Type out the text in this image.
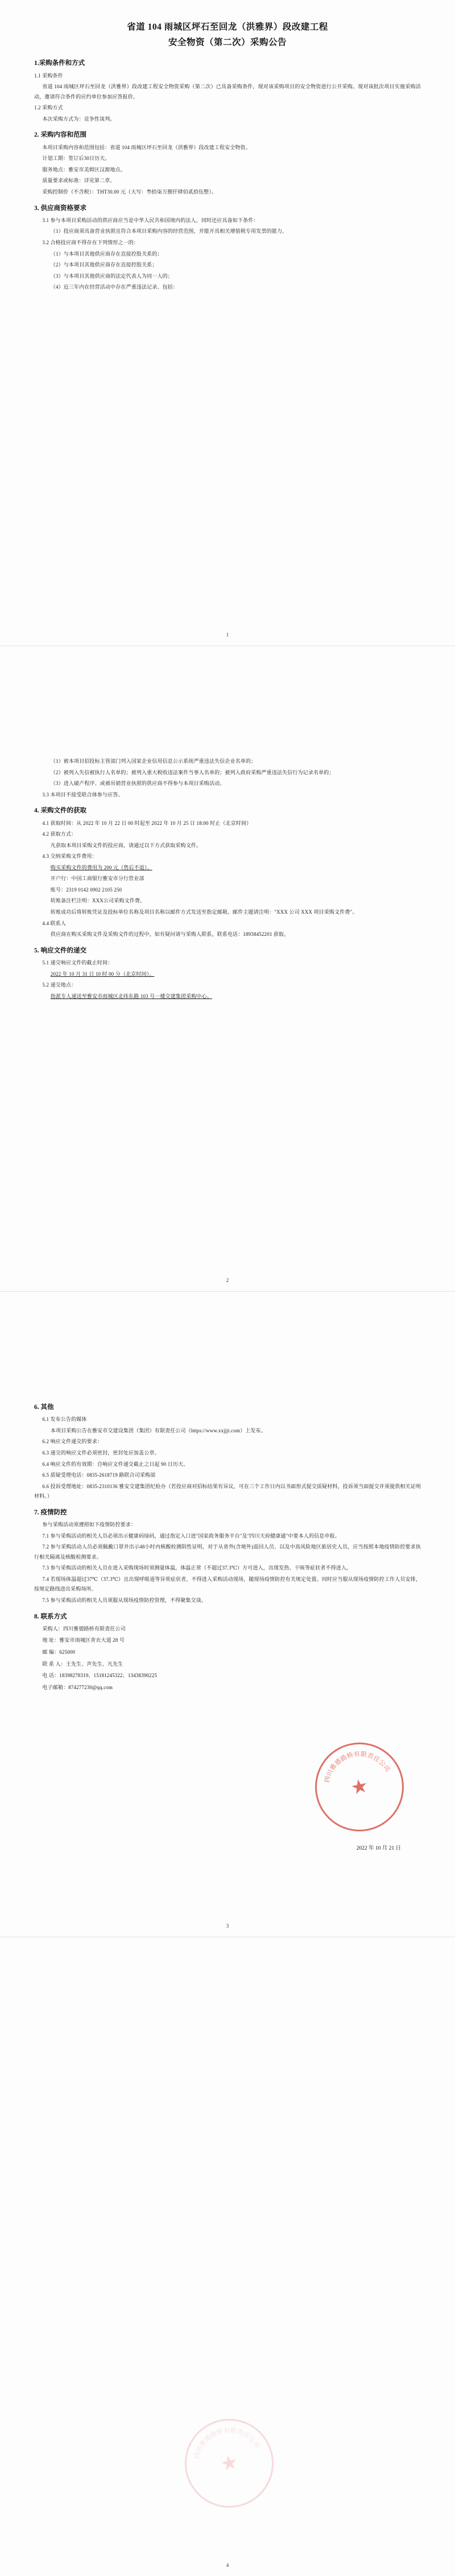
省道 104 雨城区坪石至回龙（洪雅界）段改建工程
安全物资（第二次）采购公告
1.采购条件和方式

1.1 采购条件

省道 104 雨城区坪石至回龙（洪雅界）段改建工程安全物资采购（第二次）已具备采购条件，现对该采购项目的安全物资进行公开采购。现对该批次项目实施采购活动，邀请符合条件的应约单位参加应答报价。

1.2 采购方式

本次采购方式为：竞争性谈判。

2. 采购内容和范围

本项目采购内容和范围包括：省道 104 雨城区坪石至回龙（洪雅界）段改建工程安全物资。

计划工期：签订后30日历天。

服务地点：雅安市美姆区汉源地点。

质量要求或标准：详见第二章。

采购控制价（不含税）：THT30.00 元（大写：叁拾柒万捌仟肆佰贰拾伍整）。

3. 供应商资格要求

3.1 参与本项目采购活动的供应商应当是中华人民共和国境内的法人，同时还应具备如下条件：

（1）投应商须具备营业执照且符合本项目采购内容的经营范围，并能开具相关增值税专用发票的能力。

3.2 合格投应商不得存在下列情形之一的：

（1）与本项目其他供应商存在直接控股关系的；

（2）与本项目其他供应商存在直接控股关系；

（3）与本项目其他供应商的法定代表人为同一人的；

（4）近三年内在经营活动中存在严重违法记录、包括：

1

（1）被本项目招投标主管部门列入国家企业信用信息公示系统严重违法失信企业名单的；

（2）被列入失信被执行人名单的；被列入重大税收违法案件当事人名单的；被列入政府采购严重违法失信行为记录名单的；

（3）进入破产程序、或被吊销营业执照的供应商不得参与本项目采购活动。

3.3 本项目不接受联合体参与应答。

4. 采购文件的获取

4.1 获取时间：从 2022 年 10 月 22 日 00 时起至 2022 年 10 月 25 日 18:00 时止（北京时间）

4.2 获取方式：

凡获取本项目采购文件的投应商，请通过以下方式获取采购文件。

4.3 交纳采购文件费用：

购买采购文件的费用为 200 元（售后不退）。

开户行：中国工商银行雅安市分行营业部

账号：2319 0142 0902 2105 250

转账备注栏注明：XXX公司采购文件费。

转账成功后将转账凭证及投标单位名称及项目名称以邮件方式发送至指定邮箱，邮件主题请注明："XXX 公司 XXX 项目采购文件费"。

4.4 联系人

供应商在购买采购文件及采购文件的过程中，如有疑问请与采购人联系，联系电话：18938452201 获取。

5. 响应文件的递交

5.1 递交响应文件的截止时间：

2022 年 10 月 31 日 10 时 00 分（北京时间）。

5.2 递交地点：

指派专人递送至雅安市雨城区北纬东路 103 号一楼交建集团采购中心。

2
6. 其他

6.1 发布公告的媒体

本项目采购公告在雅安市交建设集团（集团）有限责任公司（https://www.xxjjjt.com）上发布。

6.2 响应文件递交的要求：

6.3 递交的响应文件必须密封，密封处应加盖公章。

6.4 响应文件的有效期：自响应文件递交截止之日起 90 日历天。

6.5 质疑受理电话：0835-2618719 路联合司采购部

6.6 投诉受理地址：0835-2310136 雅安交建集团纪检办（若投应商对招标结果有异议，可在三个工作日内以书面形式提交质疑材料，投诉须当面提交并须提供相关证明材料。）

7. 疫情防控

参与采购活动须遵照如下疫情防控要求：

7.1 参与采购活动的相关人员必须出示健康码绿码，通过指定入口进"国家政务服务平台"及"四川天府健康通"中要本人的信息申报。

7.2 参与采购活动人员必须佩戴口罩并出示48小时内核酸检测阴性证明，对于从省外(含境外)返回人员、以及中高风险地区旅居史人员，应当按照本地疫情防控要求执行相关隔离及核酸检测要求。

7.3 参与采购活动的相关人员在进入采购现场时须测量体温，体温正常（不超过37.3℃）方可进入，出现发热、干咳等症状者不得进入。

7.4 若现场体温超过37℃（37.3℃）且出现呼吸道等异常症状者，不得进入采购活动现场，随现场疫情防控有关规定处置。同时应当服从现场疫情防控工作人员安排，按规定路线进出采购场所。

7.5 参与采购活动的相关人员须服从现场疫情防控管理，不得聚集交谈。

8. 联系方式

采购人：四川雅德路桥有限责任公司

地 址：雅安市雨城区青衣大道 28 号

邮 编：625000

联 系 人：王先生、声先生、凡先生

电 话：18398278319、15181245322、13438390225

电子邮箱：874277230@qq.com

★
四
川
雅
德
路
桥
有 限 责
任
公
司
2022 年 10 月 21 日
3
★
四
川
雅
德
路
桥
有 限 责
任
公
司
4
